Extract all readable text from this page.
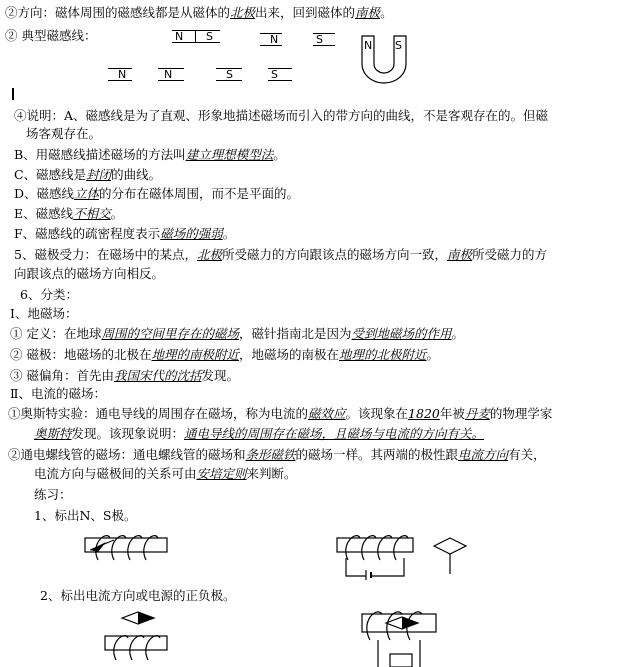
②方向：磁体周围的磁感线都是从磁体的北极出来，回到磁体的南极。
② 典型磁感线：	N S	N	S	N S
N	N	S	S
④说明：A、磁感线是为了直观、形象地描述磁场而引入的带方向的曲线，不是客观存在的。但磁
场客观存在。
B、用磁感线描述磁场的方法叫建立理想模型法。
C、磁感线是封闭的曲线。
D、磁感线立体的分布在磁体周围，而不是平面的。
E、磁感线不相交。
F、磁感线的疏密程度表示磁场的强弱。
5、磁极受力：在磁场中的某点，北极所受磁力的方向跟该点的磁场方向一致，南极所受磁力的方
向跟该点的磁场方向相反。
6、分类：
Ⅰ、地磁场：
① 定义：在地球周围的空间里存在的磁场，磁针指南北是因为受到地磁场的作用。
② 磁极：地磁场的北极在地理的南极附近，地磁场的南极在地理的北极附近。
③ 磁偏角：首先由我国宋代的沈括发现。
Ⅱ、电流的磁场：
①奥斯特实验：通电导线的周围存在磁场，称为电流的磁效应。该现象在1820年被丹麦的物理学家
奥斯特发现。该现象说明：通电导线的周围存在磁场，且磁场与电流的方向有关。
②通电螺线管的磁场：通电螺线管的磁场和条形磁铁的磁场一样。其两端的极性跟电流方向有关，
电流方向与磁极间的关系可由安培定则来判断。
练习：
1、标出N、S极。
2、标出电流方向或电源的正负极。
